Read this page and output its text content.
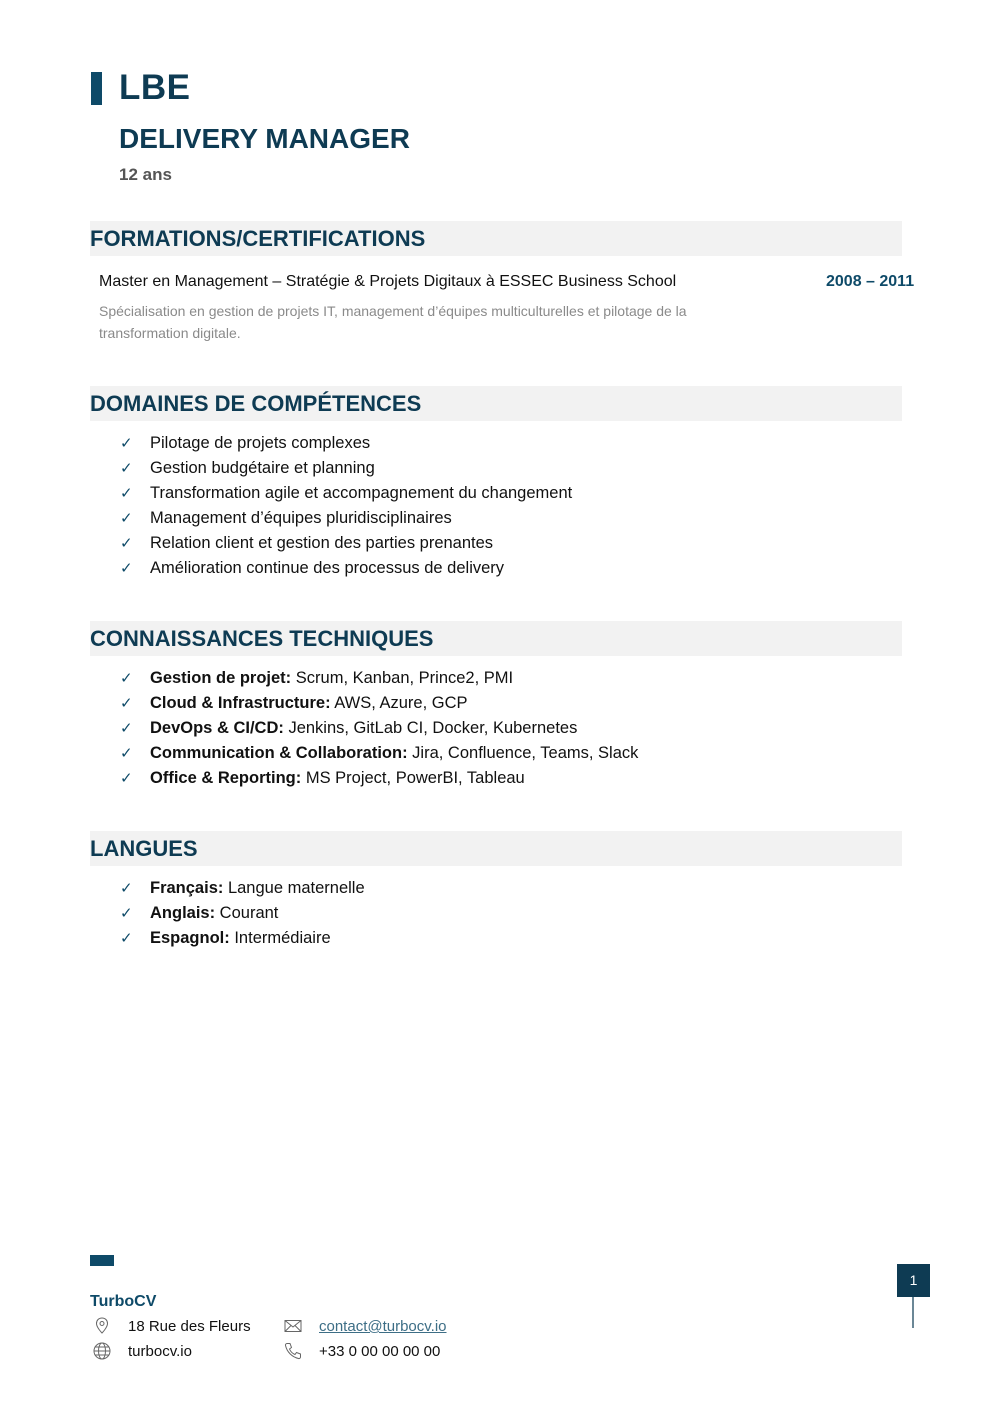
LBE
DELIVERY MANAGER
12 ans
FORMATIONS/CERTIFICATIONS
Master en Management – Stratégie & Projets Digitaux à ESSEC Business School	2008 – 2011
Spécialisation en gestion de projets IT, management d’équipes multiculturelles et pilotage de la transformation digitale.
DOMAINES DE COMPÉTENCES
✓ Pilotage de projets complexes
✓ Gestion budgétaire et planning
✓ Transformation agile et accompagnement du changement
✓ Management d’équipes pluridisciplinaires
✓ Relation client et gestion des parties prenantes
✓ Amélioration continue des processus de delivery
CONNAISSANCES TECHNIQUES
✓ Gestion de projet: Scrum, Kanban, Prince2, PMI
✓ Cloud & Infrastructure: AWS, Azure, GCP
✓ DevOps & CI/CD: Jenkins, GitLab CI, Docker, Kubernetes
✓ Communication & Collaboration: Jira, Confluence, Teams, Slack
✓ Office & Reporting: MS Project, PowerBI, Tableau
LANGUES
✓ Français: Langue maternelle
✓ Anglais: Courant
✓ Espagnol: Intermédiaire
TurboCV
18 Rue des Fleurs
turbocv.io
contact@turbocv.io
+33 0 00 00 00 00
1
